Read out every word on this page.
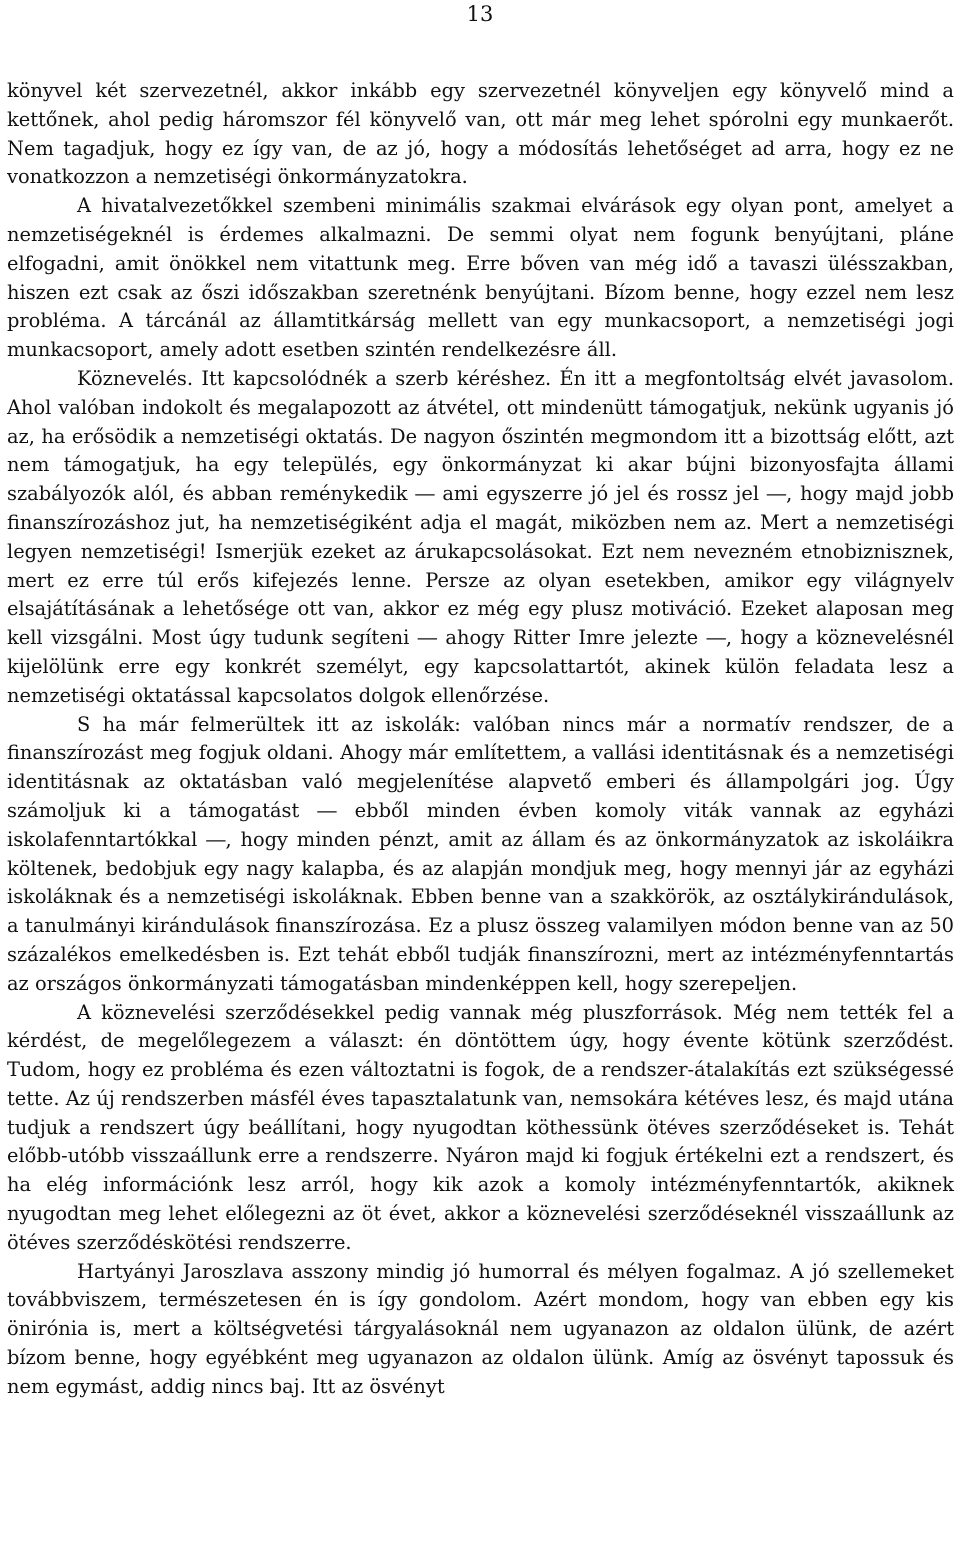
13

könyvel két szervezetnél, akkor inkább egy szervezetnél könyveljen egy könyvelő mind a kettőnek, ahol pedig háromszor fél könyvelő van, ott már meg lehet spórolni egy munkaerőt. Nem tagadjuk, hogy ez így van, de az jó, hogy a módosítás lehetőséget ad arra, hogy ez ne vonatkozzon a nemzetiségi önkormányzatokra.

A hivatalvezetőkkel szembeni minimális szakmai elvárások egy olyan pont, amelyet a nemzetiségeknél is érdemes alkalmazni. De semmi olyat nem fogunk benyújtani, pláne elfogadni, amit önökkel nem vitattunk meg. Erre bőven van még idő a tavaszi ülésszakban, hiszen ezt csak az őszi időszakban szeretnénk benyújtani. Bízom benne, hogy ezzel nem lesz probléma. A tárcánál az államtitkárság mellett van egy munkacsoport, a nemzetiségi jogi munkacsoport, amely adott esetben szintén rendelkezésre áll.

Köznevelés. Itt kapcsolódnék a szerb kéréshez. Én itt a megfontoltság elvét javasolom. Ahol valóban indokolt és megalapozott az átvétel, ott mindenütt támogatjuk, nekünk ugyanis jó az, ha erősödik a nemzetiségi oktatás. De nagyon őszintén megmondom itt a bizottság előtt, azt nem támogatjuk, ha egy település, egy önkormányzat ki akar bújni bizonyosfajta állami szabályozók alól, és abban reménykedik ― ami egyszerre jó jel és rossz jel ―, hogy majd jobb finanszírozáshoz jut, ha nemzetiségiként adja el magát, miközben nem az. Mert a nemzetiségi legyen nemzetiségi! Ismerjük ezeket az árukapcsolásokat. Ezt nem nevezném etnobiznisznek, mert ez erre túl erős kifejezés lenne. Persze az olyan esetekben, amikor egy világnyelv elsajátításának a lehetősége ott van, akkor ez még egy plusz motiváció. Ezeket alaposan meg kell vizsgálni. Most úgy tudunk segíteni ― ahogy Ritter Imre jelezte ―, hogy a köznevelésnél kijelölünk erre egy konkrét személyt, egy kapcsolattartót, akinek külön feladata lesz a nemzetiségi oktatással kapcsolatos dolgok ellenőrzése.

S ha már felmerültek itt az iskolák: valóban nincs már a normatív rendszer, de a finanszírozást meg fogjuk oldani. Ahogy már említettem, a vallási identitásnak és a nemzetiségi identitásnak az oktatásban való megjelenítése alapvető emberi és állampolgári jog. Úgy számoljuk ki a támogatást ― ebből minden évben komoly viták vannak az egyházi iskolafenntartókkal ―, hogy minden pénzt, amit az állam és az önkormányzatok az iskoláikra költenek, bedobjuk egy nagy kalapba, és az alapján mondjuk meg, hogy mennyi jár az egyházi iskoláknak és a nemzetiségi iskoláknak. Ebben benne van a szakkörök, az osztálykirándulások, a tanulmányi kirándulások finanszírozása. Ez a plusz összeg valamilyen módon benne van az 50 százalékos emelkedésben is. Ezt tehát ebből tudják finanszírozni, mert az intézményfenntartás az országos önkormányzati támogatásban mindenképpen kell, hogy szerepeljen.

A köznevelési szerződésekkel pedig vannak még pluszforrások. Még nem tették fel a kérdést, de megelőlegezem a választ: én döntöttem úgy, hogy évente kötünk szerződést. Tudom, hogy ez probléma és ezen változtatni is fogok, de a rendszer-átalakítás ezt szükségessé tette. Az új rendszerben másfél éves tapasztalatunk van, nemsokára kétéves lesz, és majd utána tudjuk a rendszert úgy beállítani, hogy nyugodtan köthessünk ötéves szerződéseket is. Tehát előbb-utóbb visszaállunk erre a rendszerre. Nyáron majd ki fogjuk értékelni ezt a rendszert, és ha elég információnk lesz arról, hogy kik azok a komoly intézményfenntartók, akiknek nyugodtan meg lehet előlegezni az öt évet, akkor a köznevelési szerződéseknél visszaállunk az ötéves szerződéskötési rendszerre.

Hartyányi Jaroszlava asszony mindig jó humorral és mélyen fogalmaz. A jó szellemeket továbbviszem, természetesen én is így gondolom. Azért mondom, hogy van ebben egy kis önirónia is, mert a költségvetési tárgyalásoknál nem ugyanazon az oldalon ülünk, de azért bízom benne, hogy egyébként meg ugyanazon az oldalon ülünk. Amíg az ösvényt tapossuk és nem egymást, addig nincs baj. Itt az ösvényt
